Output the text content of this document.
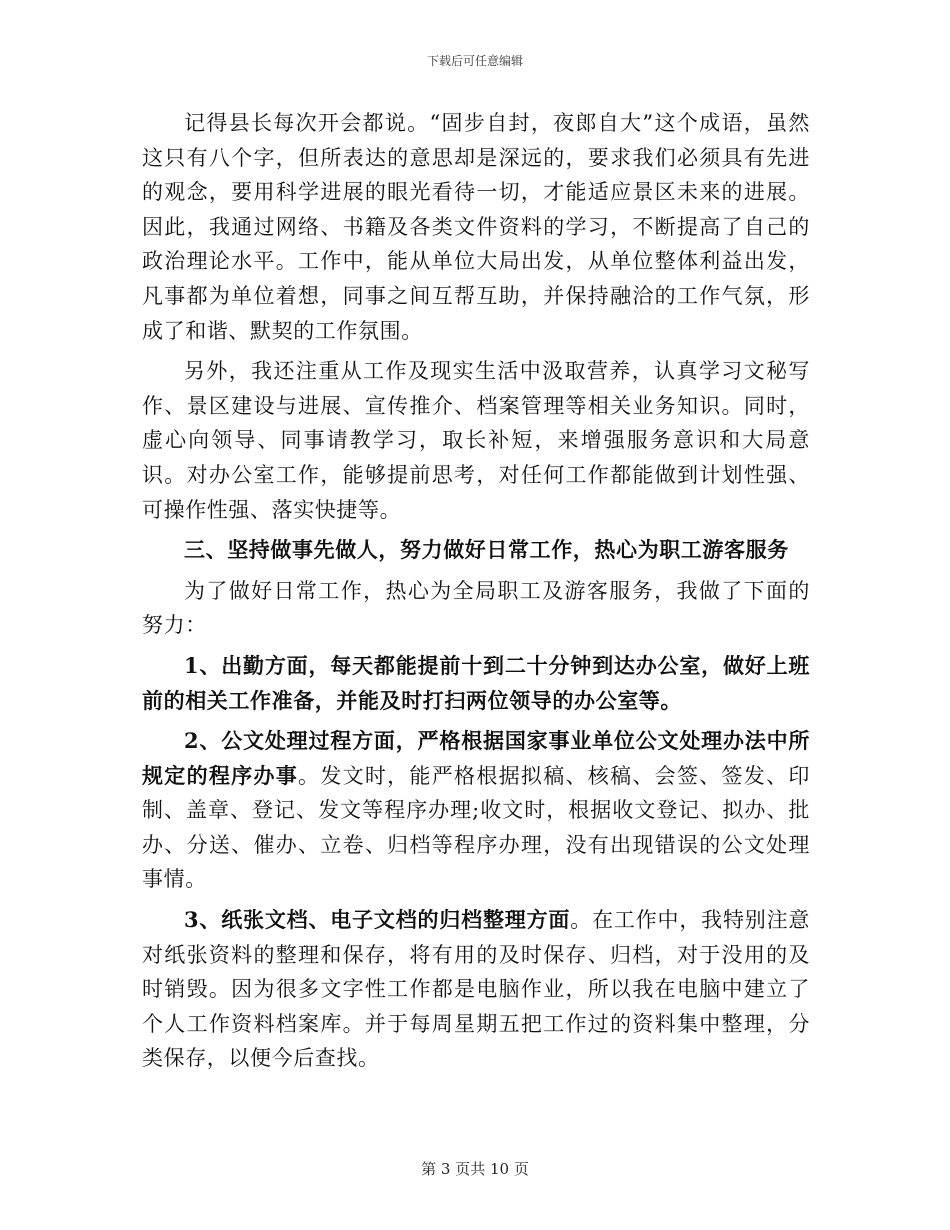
下载后可任意编辑

记得县长每次开会都说。“固步自封，夜郎自大”这个成语，虽然这只有八个字，但所表达的意思却是深远的，要求我们必须具有先进的观念，要用科学进展的眼光看待一切，才能适应景区未来的进展。因此，我通过网络、书籍及各类文件资料的学习，不断提高了自己的政治理论水平。工作中，能从单位大局出发，从单位整体利益出发，凡事都为单位着想，同事之间互帮互助，并保持融洽的工作气氛，形成了和谐、默契的工作氛围。

另外，我还注重从工作及现实生活中汲取营养，认真学习文秘写作、景区建设与进展、宣传推介、档案管理等相关业务知识。同时，虚心向领导、同事请教学习，取长补短，来增强服务意识和大局意识。对办公室工作，能够提前思考，对任何工作都能做到计划性强、可操作性强、落实快捷等。

三、坚持做事先做人，努力做好日常工作，热心为职工游客服务

为了做好日常工作，热心为全局职工及游客服务，我做了下面的努力：

1、出勤方面，每天都能提前十到二十分钟到达办公室，做好上班前的相关工作准备，并能及时打扫两位领导的办公室等。

2、公文处理过程方面，严格根据国家事业单位公文处理办法中所规定的程序办事。发文时，能严格根据拟稿、核稿、会签、签发、印制、盖章、登记、发文等程序办理;收文时，根据收文登记、拟办、批办、分送、催办、立卷、归档等程序办理，没有出现错误的公文处理事情。

3、纸张文档、电子文档的归档整理方面。在工作中，我特别注意对纸张资料的整理和保存，将有用的及时保存、归档，对于没用的及时销毁。因为很多文字性工作都是电脑作业，所以我在电脑中建立了个人工作资料档案库。并于每周星期五把工作过的资料集中整理，分类保存，以便今后查找。

第 3 页共 10 页
